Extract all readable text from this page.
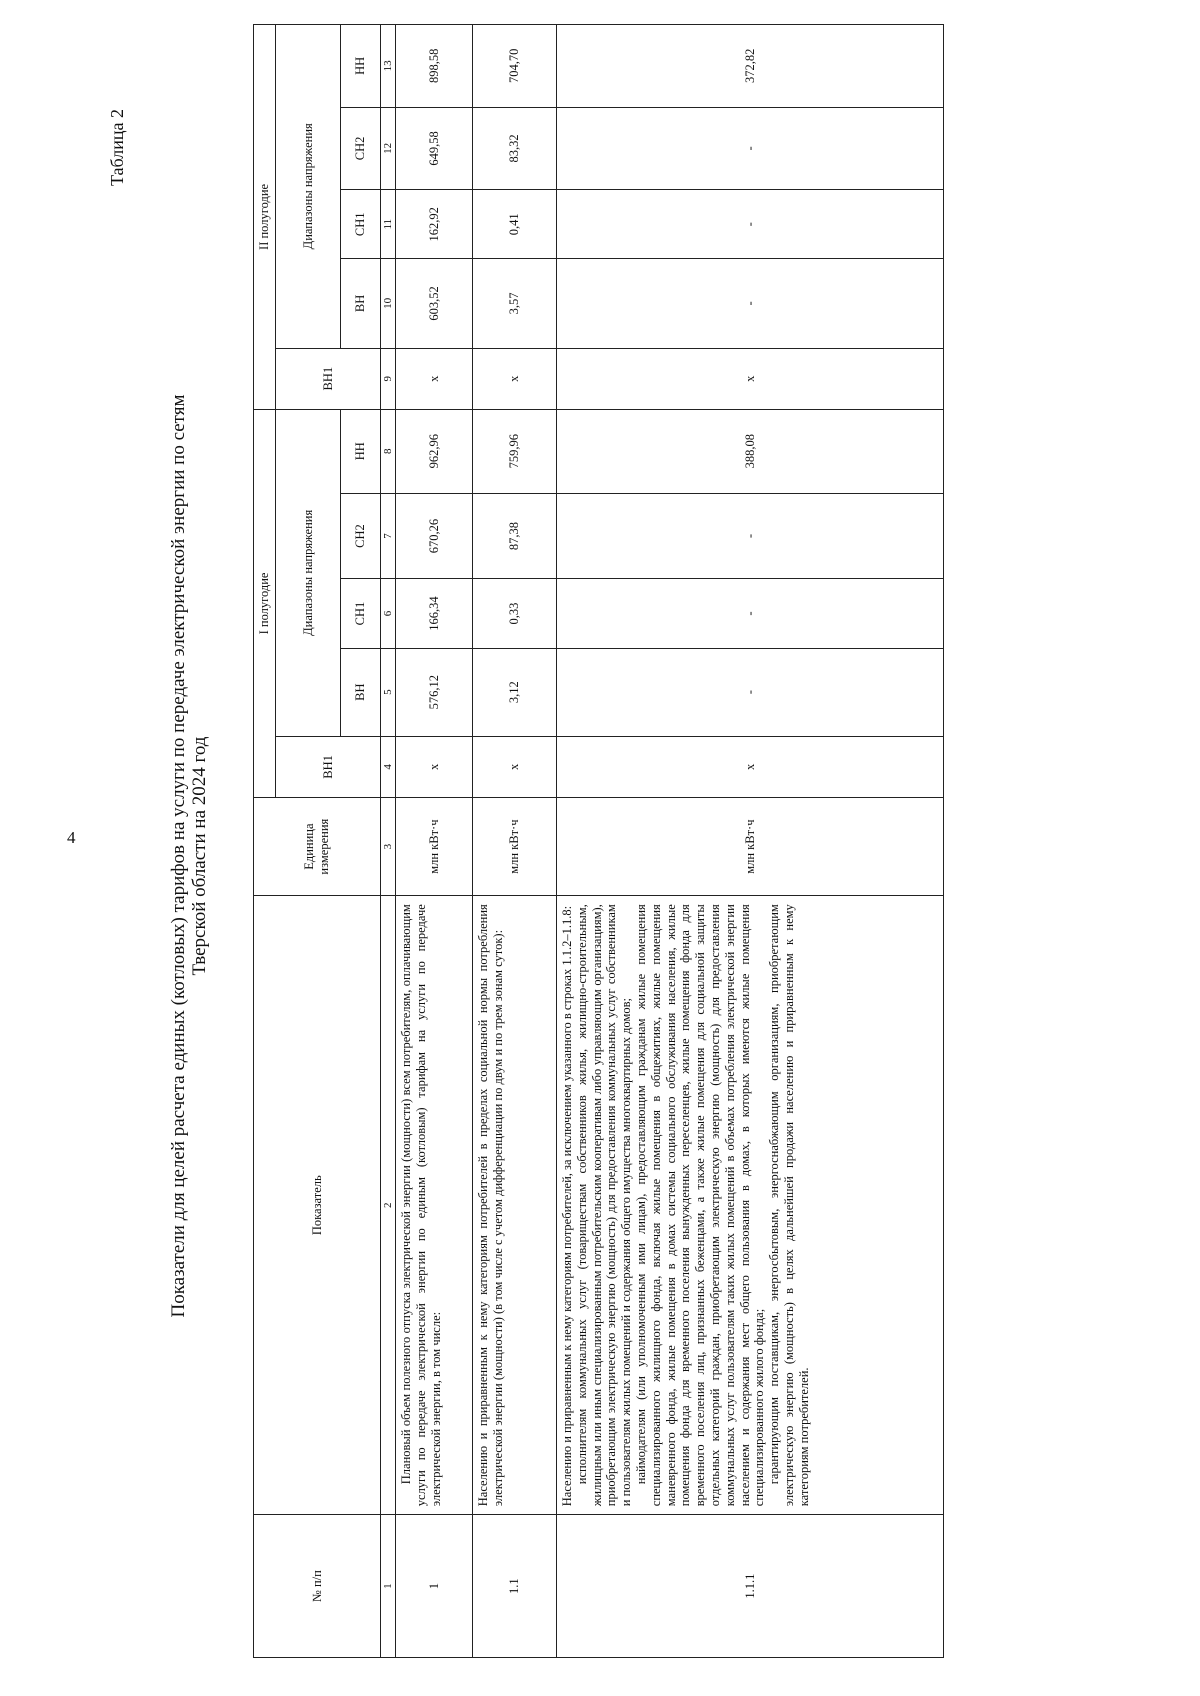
4
Таблица 2
Показатели для целей расчета единых (котловых) тарифов на услуги по передаче электрической энергии по сетям Тверской области на 2024 год
№ п/п	Показатель	Единица измерения	I полугодие					II полугодие				
			ВН1	Диапазоны напряжения				ВН1	Диапазоны напряжения			
				ВН	СН1	СН2	НН		ВН	СН1	СН2	НН
1	2	3	4	5	6	7	8	9	10	11	12	13
1	Плановый объем полезного отпуска электрической энергии (мощности) всем потребителям, оплачивающим услуги по передаче электрической энергии по единым (котловым) тарифам на услуги по передаче электрической энергии, в том числе:	млн кВт·ч	х	576,12	166,34	670,26	962,96	х	603,52	162,92	649,58	898,58
1.1	Населению и приравненным к нему категориям потребителей в пределах социальной нормы потребления электрической энергии (мощности) (в том числе с учетом дифференциации по двум и по трем зонам суток):	млн кВт·ч	х	3,12	0,33	87,38	759,96	х	3,57	0,41	83,32	704,70
1.1.1	Населению и приравненным к нему категориям потребителей, за исключением указанного в строках 1.1.2–1.1.8: исполнителям коммунальных услуг (товариществам собственников жилья, жилищно-строительным, жилищным или иным специализированным потребительским кооперативам либо управляющим организациям), приобретающим электрическую энергию (мощность) для предоставления коммунальных услуг собственникам и пользователям жилых помещений и содержания общего имущества многоквартирных домов; наймодателям (или уполномоченным ими лицам), предоставляющим гражданам жилые помещения специализированного жилищного фонда, включая жилые помещения в общежитиях, жилые помещения маневренного фонда, жилые помещения в домах системы социального обслуживания населения, жилые помещения фонда для временного поселения вынужденных переселенцев, жилые помещения фонда для временного поселения лиц, признанных беженцами, а также жилые помещения для социальной защиты отдельных категорий граждан, приобретающим электрическую энергию (мощность) для предоставления коммунальных услуг пользователям таких жилых помещений в объемах потребления электрической энергии населением и содержания мест общего пользования в домах, в которых имеются жилые помещения специализированного жилого фонда; гарантирующим поставщикам, энергосбытовым, энергоснабжающим организациям, приобретающим электрическую энергию (мощность) в целях дальнейшей продажи населению и приравненным к нему категориям потребителей.	млн кВт·ч	х	-	-	-	388,08	х	-	-	-	372,82
